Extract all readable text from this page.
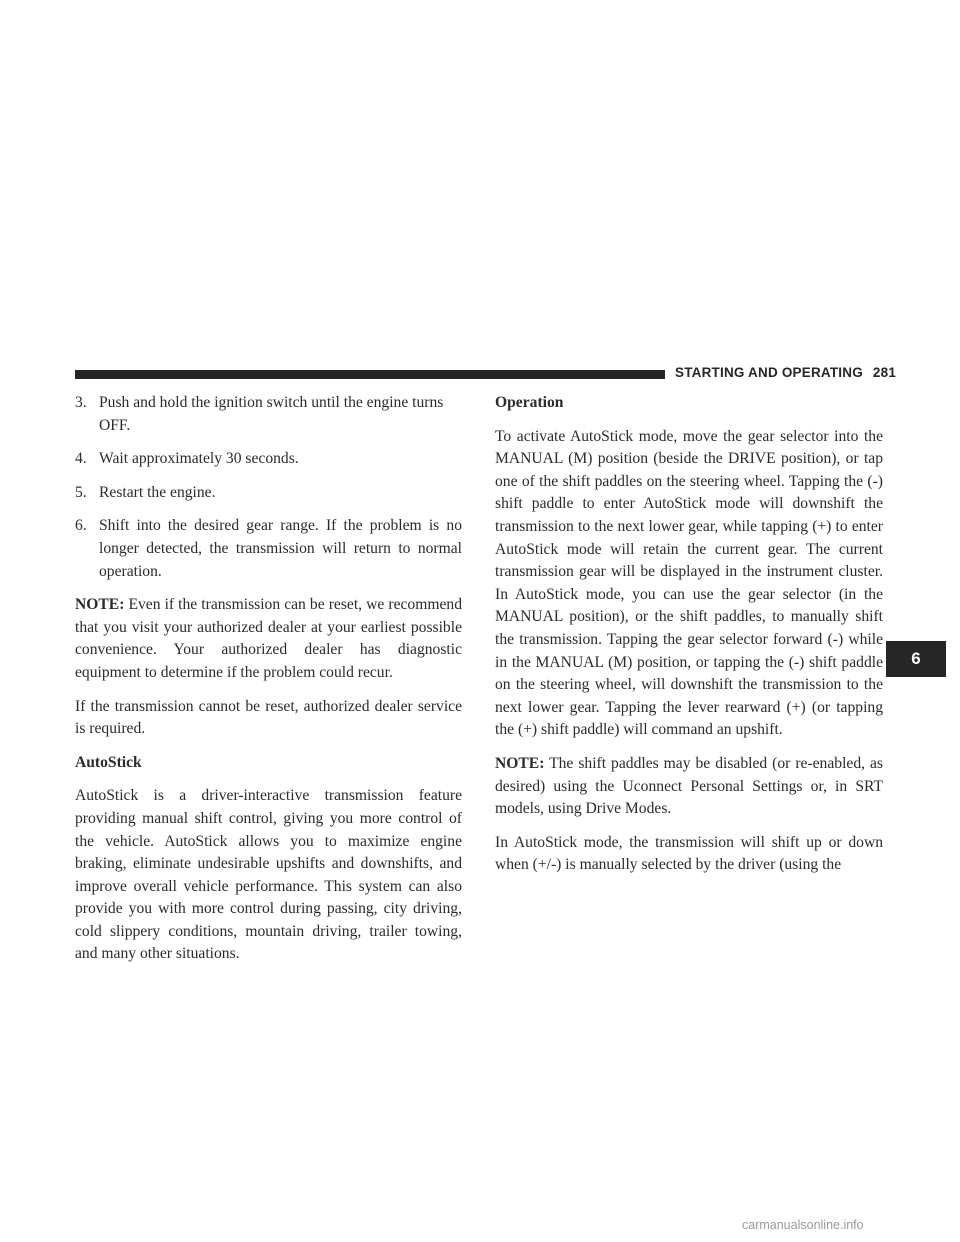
STARTING AND OPERATING 281
3. Push and hold the ignition switch until the engine turns OFF.
4. Wait approximately 30 seconds.
5. Restart the engine.
6. Shift into the desired gear range. If the problem is no longer detected, the transmission will return to normal operation.

NOTE: Even if the transmission can be reset, we recommend that you visit your authorized dealer at your earliest possible convenience. Your authorized dealer has diagnostic equipment to determine if the problem could recur.

If the transmission cannot be reset, authorized dealer service is required.

AutoStick

AutoStick is a driver-interactive transmission feature providing manual shift control, giving you more control of the vehicle. AutoStick allows you to maximize engine braking, eliminate undesirable upshifts and downshifts, and improve overall vehicle performance. This system can also provide you with more control during passing, city driving, cold slippery conditions, mountain driving, trailer towing, and many other situations.

Operation

To activate AutoStick mode, move the gear selector into the MANUAL (M) position (beside the DRIVE position), or tap one of the shift paddles on the steering wheel. Tapping the (-) shift paddle to enter AutoStick mode will downshift the transmission to the next lower gear, while tapping (+) to enter AutoStick mode will retain the current gear. The current transmission gear will be displayed in the instrument cluster. In AutoStick mode, you can use the gear selector (in the MANUAL position), or the shift paddles, to manually shift the transmission. Tapping the gear selector forward (-) while in the MANUAL (M) position, or tapping the (-) shift paddle on the steering wheel, will downshift the transmission to the next lower gear. Tapping the lever rearward (+) (or tapping the (+) shift paddle) will command an upshift.

NOTE: The shift paddles may be disabled (or re-enabled, as desired) using the Uconnect Personal Settings or, in SRT models, using Drive Modes.

In AutoStick mode, the transmission will shift up or down when (+/-) is manually selected by the driver (using the

6
carmanualsonline.info
